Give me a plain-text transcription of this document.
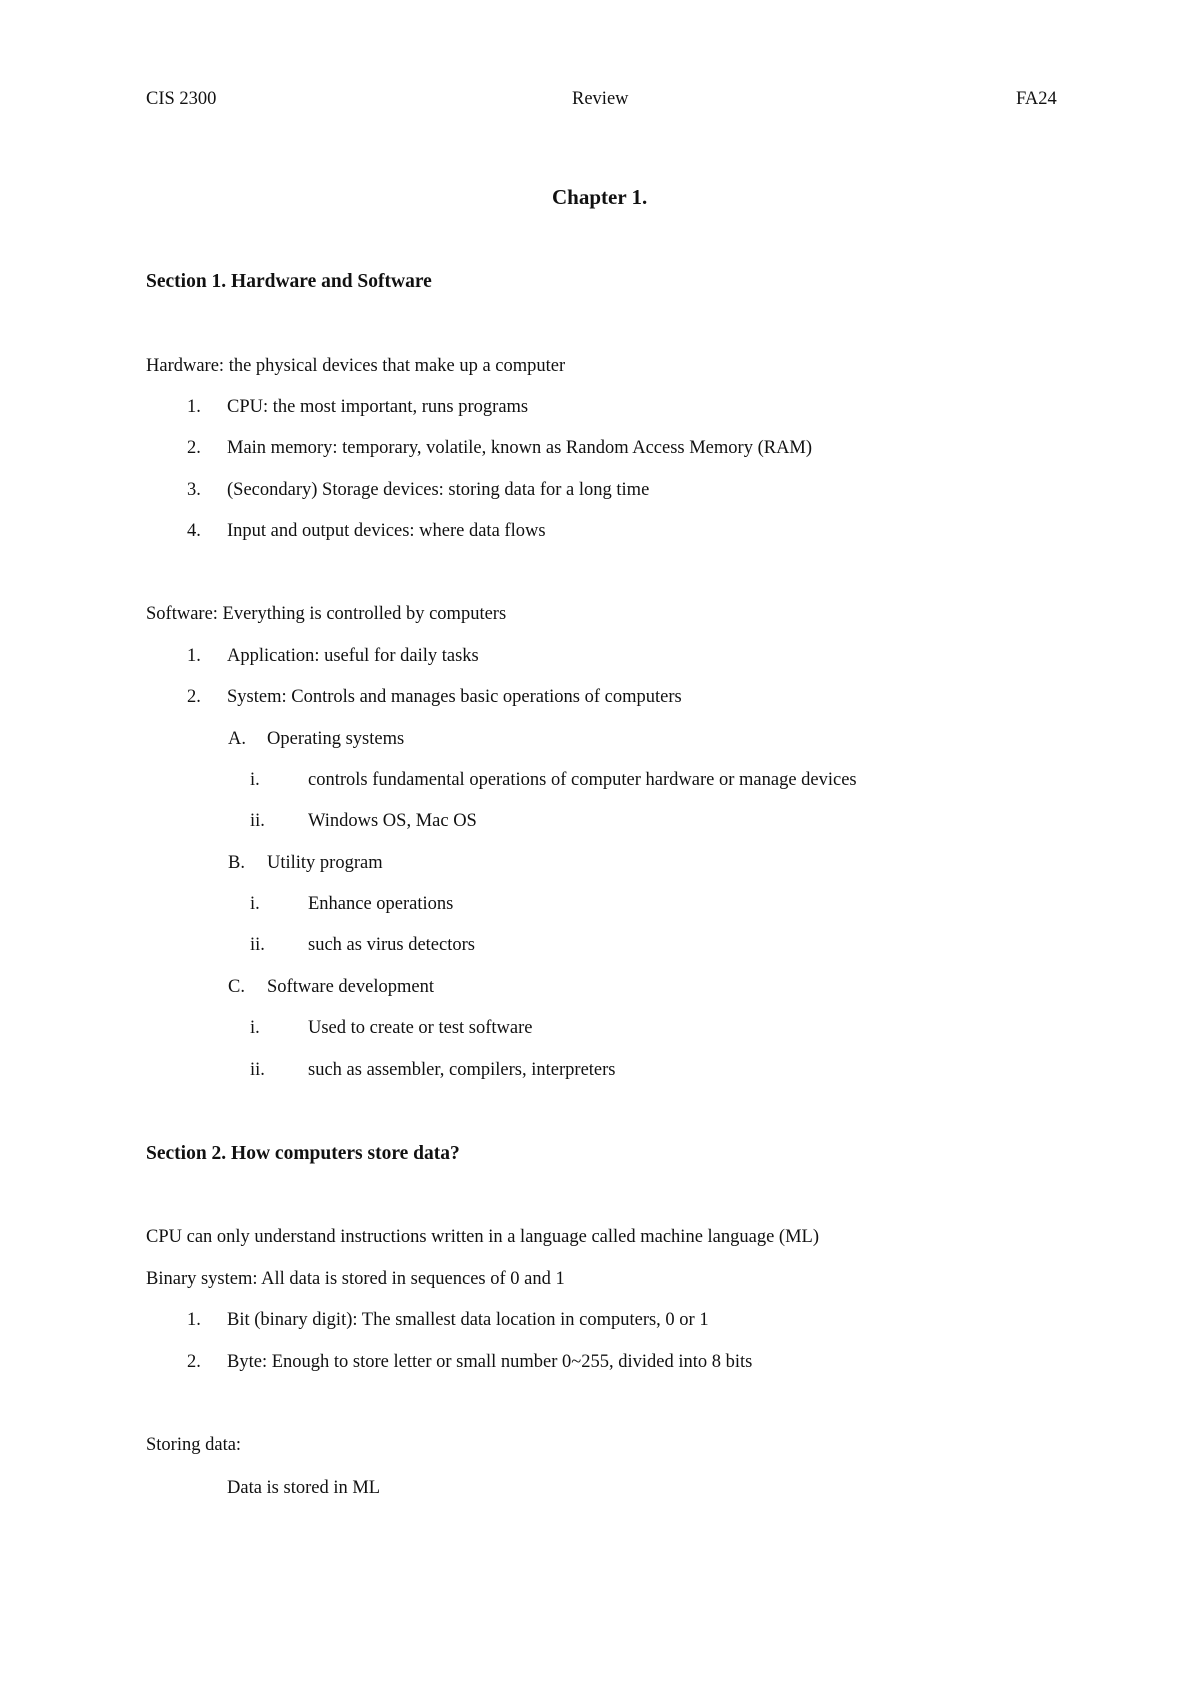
CIS 2300	Review	FA24
Chapter 1.
Section 1. Hardware and Software
Hardware: the physical devices that make up a computer
1. CPU: the most important, runs programs
2. Main memory: temporary, volatile, known as Random Access Memory (RAM)
3. (Secondary) Storage devices: storing data for a long time
4. Input and output devices: where data flows
Software: Everything is controlled by computers
1. Application: useful for daily tasks
2. System: Controls and manages basic operations of computers
A. Operating systems
i.	controls fundamental operations of computer hardware or manage devices
ii. Windows OS, Mac OS
B. Utility program
i.	Enhance operations
ii. such as virus detectors
C. Software development
i.	Used to create or test software
ii. such as assembler, compilers, interpreters
Section 2. How computers store data?
CPU can only understand instructions written in a language called machine language (ML)
Binary system: All data is stored in sequences of 0 and 1
1. Bit (binary digit): The smallest data location in computers, 0 or 1
2. Byte: Enough to store letter or small number 0~255, divided into 8 bits
Storing data:
Data is stored in ML
